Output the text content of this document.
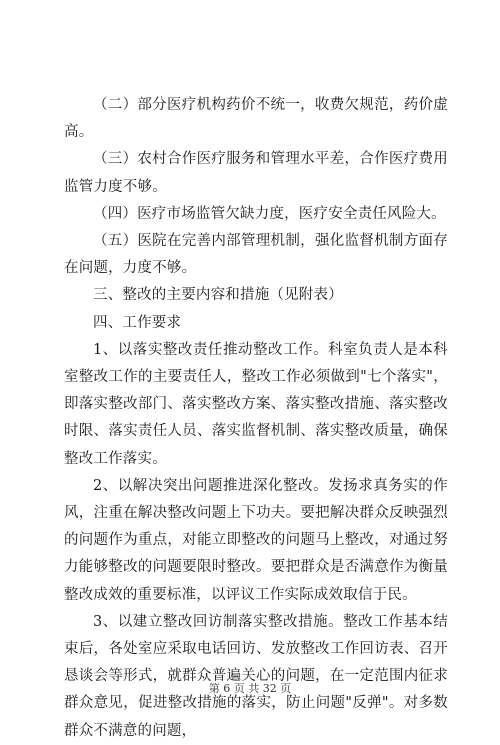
（二）部分医疗机构药价不统一，收费欠规范，药价虚高。

（三）农村合作医疗服务和管理水平差，合作医疗费用监管力度不够。

（四）医疗市场监管欠缺力度，医疗安全责任风险大。

（五）医院在完善内部管理机制，强化监督机制方面存在问题，力度不够。

三、整改的主要内容和措施（见附表）

四、工作要求

1、以落实整改责任推动整改工作。科室负责人是本科室整改工作的主要责任人，整改工作必须做到"七个落实"，即落实整改部门、落实整改方案、落实整改措施、落实整改时限、落实责任人员、落实监督机制、落实整改质量，确保整改工作落实。

2、以解决突出问题推进深化整改。发扬求真务实的作风，注重在解决整改问题上下功夫。要把解决群众反映强烈的问题作为重点，对能立即整改的问题马上整改，对通过努力能够整改的问题要限时整改。要把群众是否满意作为衡量整改成效的重要标准，以评议工作实际成效取信于民。

3、以建立整改回访制落实整改措施。整改工作基本结束后，各处室应采取电话回访、发放整改工作回访表、召开恳谈会等形式，就群众普遍关心的问题，在一定范围内征求群众意见，促进整改措施的落实，防止问题"反弹"。对多数群众不满意的问题，

第 6 页 共 32 页
